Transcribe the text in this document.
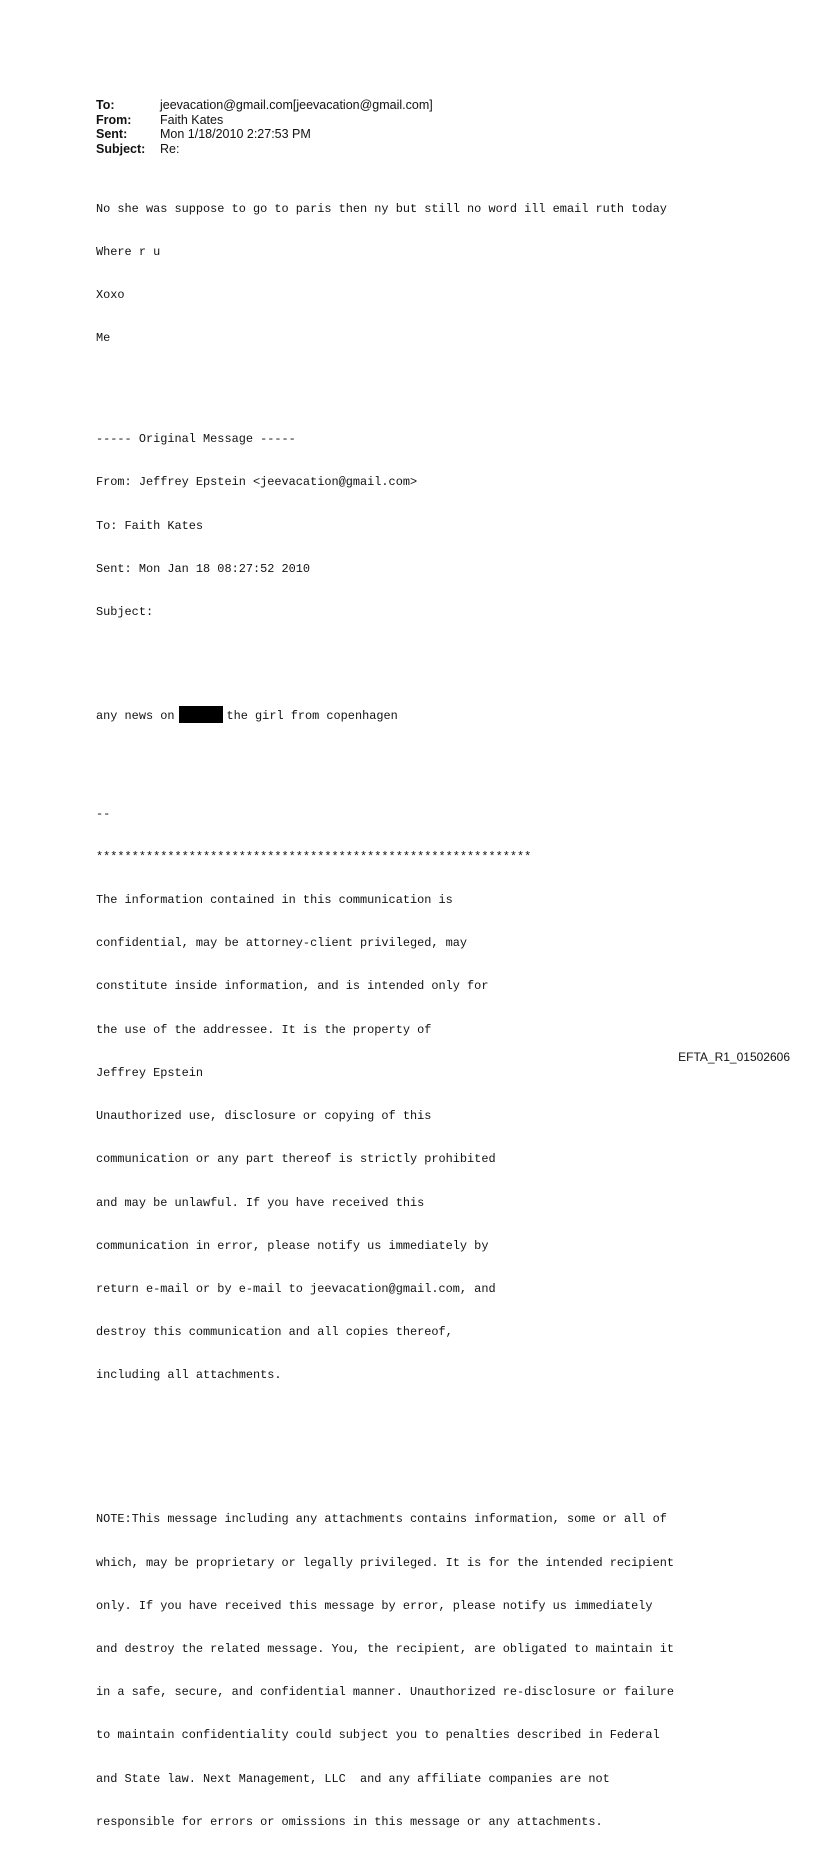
To:	jeevacation@gmail.com[jeevacation@gmail.com]
From:	Faith Kates
Sent:	Mon 1/18/2010 2:27:53 PM
Subject:	Re:

No she was suppose to go to paris then ny but still no word ill email ruth today

Where r u

Xoxo

Me

----- Original Message -----

From: Jeffrey Epstein <jeevacation@gmail.com>

To: Faith Kates

Sent: Mon Jan 18 08:27:52 2010

Subject:

any news on	the girl from copenhagen

--

*************************************************************

The information contained in this communication is

confidential, may be attorney-client privileged, may

constitute inside information, and is intended only for

the use of the addressee. It is the property of

Jeffrey Epstein

Unauthorized use, disclosure or copying of this

communication or any part thereof is strictly prohibited

and may be unlawful. If you have received this

communication in error, please notify us immediately by

return e-mail or by e-mail to jeevacation@gmail.com, and

destroy this communication and all copies thereof,

including all attachments.

NOTE:This message including any attachments contains information, some or all of

which, may be proprietary or legally privileged. It is for the intended recipient

only. If you have received this message by error, please notify us immediately

and destroy the related message. You, the recipient, are obligated to maintain it

in a safe, secure, and confidential manner. Unauthorized re-disclosure or failure

to maintain confidentiality could subject you to penalties described in Federal

and State law. Next Management, LLC  and any affiliate companies are not

responsible for errors or omissions in this message or any attachments.

EFTA_R1_01502606
